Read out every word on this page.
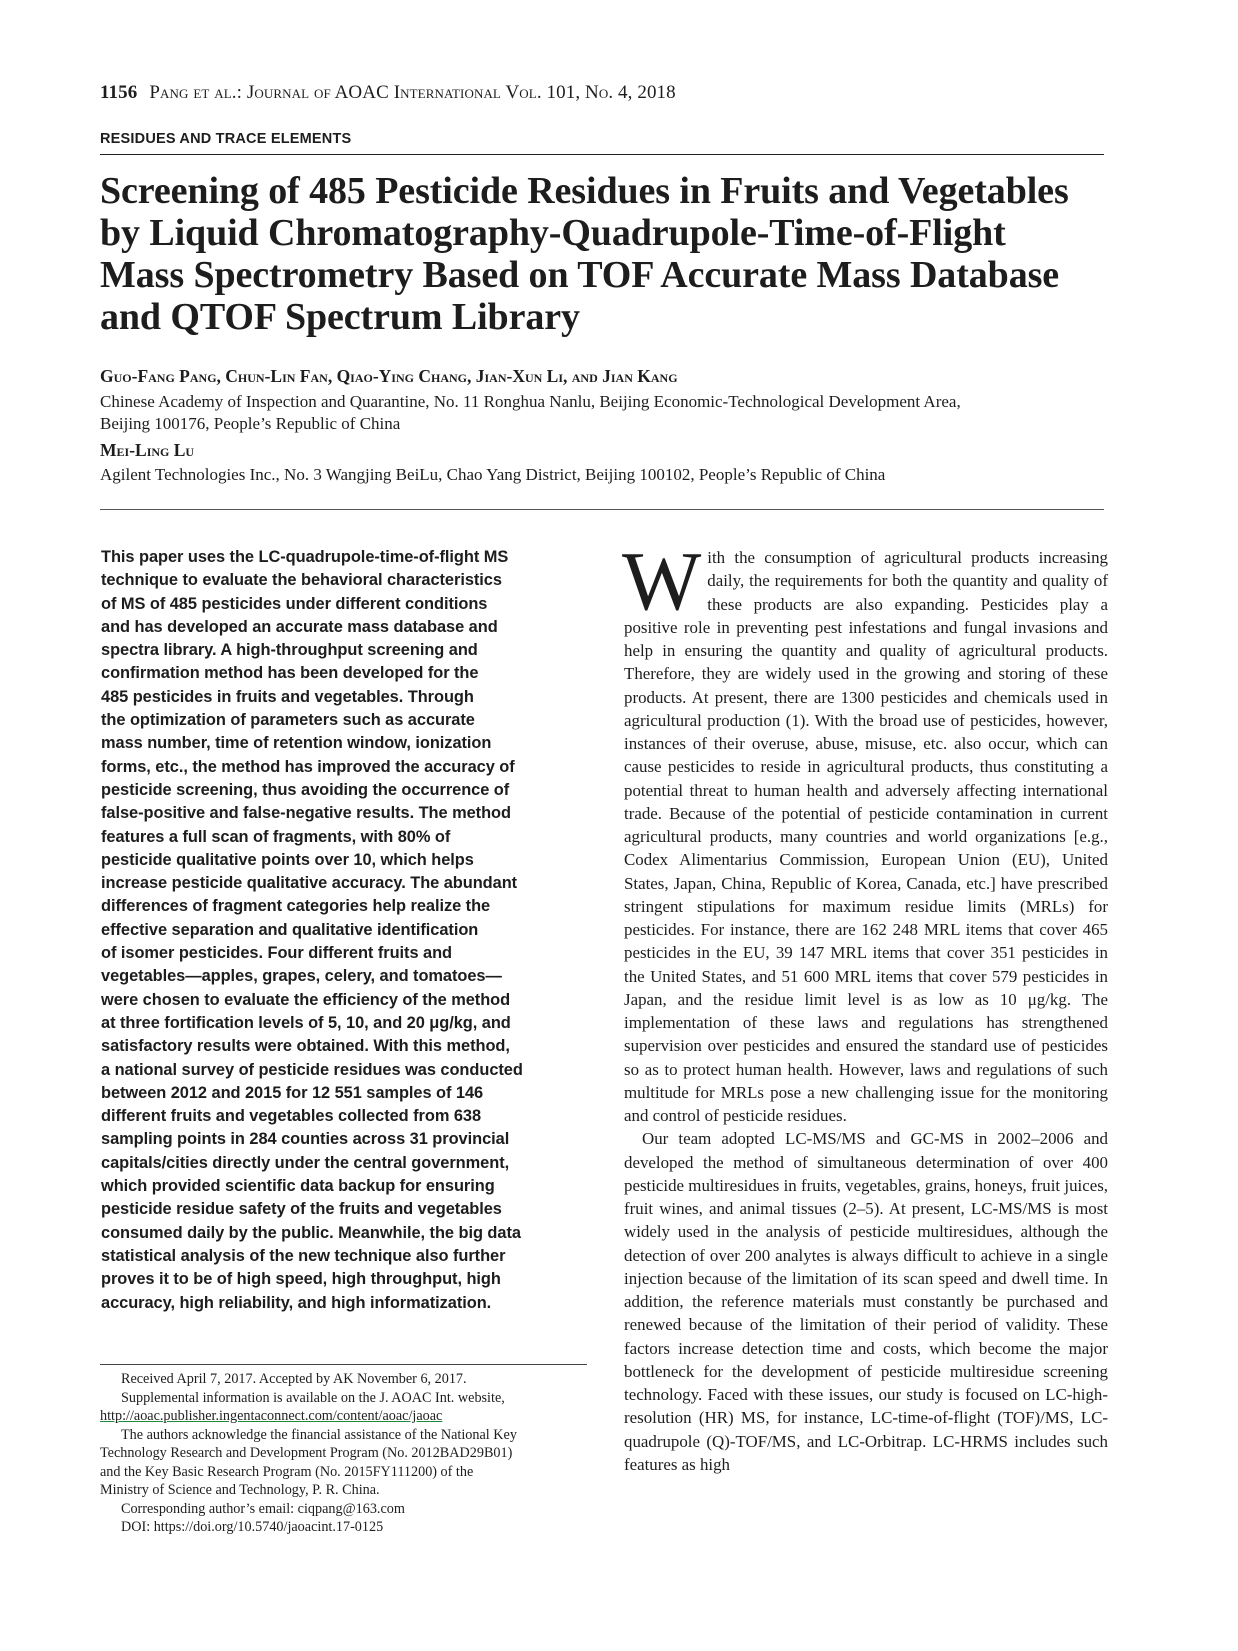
1156 Pang et al.: Journal of AOAC International Vol. 101, No. 4, 2018
RESIDUES AND TRACE ELEMENTS
Screening of 485 Pesticide Residues in Fruits and Vegetables
by Liquid Chromatography-Quadrupole-Time-of-Flight
Mass Spectrometry Based on TOF Accurate Mass Database
and QTOF Spectrum Library
Guo-Fang Pang, Chun-Lin Fan, Qiao-Ying Chang, Jian-Xun Li, and Jian Kang
Chinese Academy of Inspection and Quarantine, No. 11 Ronghua Nanlu, Beijing Economic-Technological Development Area,
Beijing 100176, People’s Republic of China
Mei-Ling Lu
Agilent Technologies Inc., No. 3 Wangjing BeiLu, Chao Yang District, Beijing 100102, People’s Republic of China
This paper uses the LC-quadrupole-time-of-flight MS
technique to evaluate the behavioral characteristics
of MS of 485 pesticides under different conditions
and has developed an accurate mass database and
spectra library. A high-throughput screening and
confirmation method has been developed for the
485 pesticides in fruits and vegetables. Through
the optimization of parameters such as accurate
mass number, time of retention window, ionization
forms, etc., the method has improved the accuracy of
pesticide screening, thus avoiding the occurrence of
false-positive and false-negative results. The method
features a full scan of fragments, with 80% of
pesticide qualitative points over 10, which helps
increase pesticide qualitative accuracy. The abundant
differences of fragment categories help realize the
effective separation and qualitative identification
of isomer pesticides. Four different fruits and
vegetables—apples, grapes, celery, and tomatoes—
were chosen to evaluate the efficiency of the method
at three fortification levels of 5, 10, and 20 μg/kg, and
satisfactory results were obtained. With this method,
a national survey of pesticide residues was conducted
between 2012 and 2015 for 12 551 samples of 146
different fruits and vegetables collected from 638
sampling points in 284 counties across 31 provincial
capitals/cities directly under the central government,
which provided scientific data backup for ensuring
pesticide residue safety of the fruits and vegetables
consumed daily by the public. Meanwhile, the big data
statistical analysis of the new technique also further
proves it to be of high speed, high throughput, high
accuracy, high reliability, and high informatization.
Received April 7, 2017. Accepted by AK November 6, 2017.
Supplemental information is available on the J. AOAC Int. website,
http://aoac.publisher.ingentaconnect.com/content/aoac/jaoac
The authors acknowledge the financial assistance of the National Key
Technology Research and Development Program (No. 2012BAD29B01)
and the Key Basic Research Program (No. 2015FY111200) of the
Ministry of Science and Technology, P. R. China.
Corresponding author’s email: ciqpang@163.com
DOI: https://doi.org/10.5740/jaoacint.17-0125

With the consumption of agricultural products increasing daily, the requirements for both the quantity and quality of these products are also expanding. Pesticides play a positive role in preventing pest infestations and fungal invasions and help in ensuring the quantity and quality of agricultural products. Therefore, they are widely used in the growing and storing of these products. At present, there are 1300 pesticides and chemicals used in agricultural production (1). With the broad use of pesticides, however, instances of their overuse, abuse, misuse, etc. also occur, which can cause pesticides to reside in agricultural products, thus constituting a potential threat to human health and adversely affecting international trade. Because of the potential of pesticide contamination in current agricultural products, many countries and world organizations [e.g., Codex Alimentarius Commission, European Union (EU), United States, Japan, China, Republic of Korea, Canada, etc.] have prescribed stringent stipulations for maximum residue limits (MRLs) for pesticides. For instance, there are 162 248 MRL items that cover 465 pesticides in the EU, 39 147 MRL items that cover 351 pesticides in the United States, and 51 600 MRL items that cover 579 pesticides in Japan, and the residue limit level is as low as 10 μg/kg. The implementation of these laws and regulations has strengthened supervision over pesticides and ensured the standard use of pesticides so as to protect human health. However, laws and regulations of such multitude for MRLs pose a new challenging issue for the monitoring and control of pesticide residues.

Our team adopted LC-MS/MS and GC-MS in 2002–2006 and developed the method of simultaneous determination of over 400 pesticide multiresidues in fruits, vegetables, grains, honeys, fruit juices, fruit wines, and animal tissues (2–5). At present, LC-MS/MS is most widely used in the analysis of pesticide multiresidues, although the detection of over 200 analytes is always difficult to achieve in a single injection because of the limitation of its scan speed and dwell time. In addition, the reference materials must constantly be purchased and renewed because of the limitation of their period of validity. These factors increase detection time and costs, which become the major bottleneck for the development of pesticide multiresidue screening technology. Faced with these issues, our study is focused on LC-high-resolution (HR) MS, for instance, LC-time-of-flight (TOF)/MS, LC-quadrupole (Q)-TOF/MS, and LC-Orbitrap. LC-HRMS includes such features as high
